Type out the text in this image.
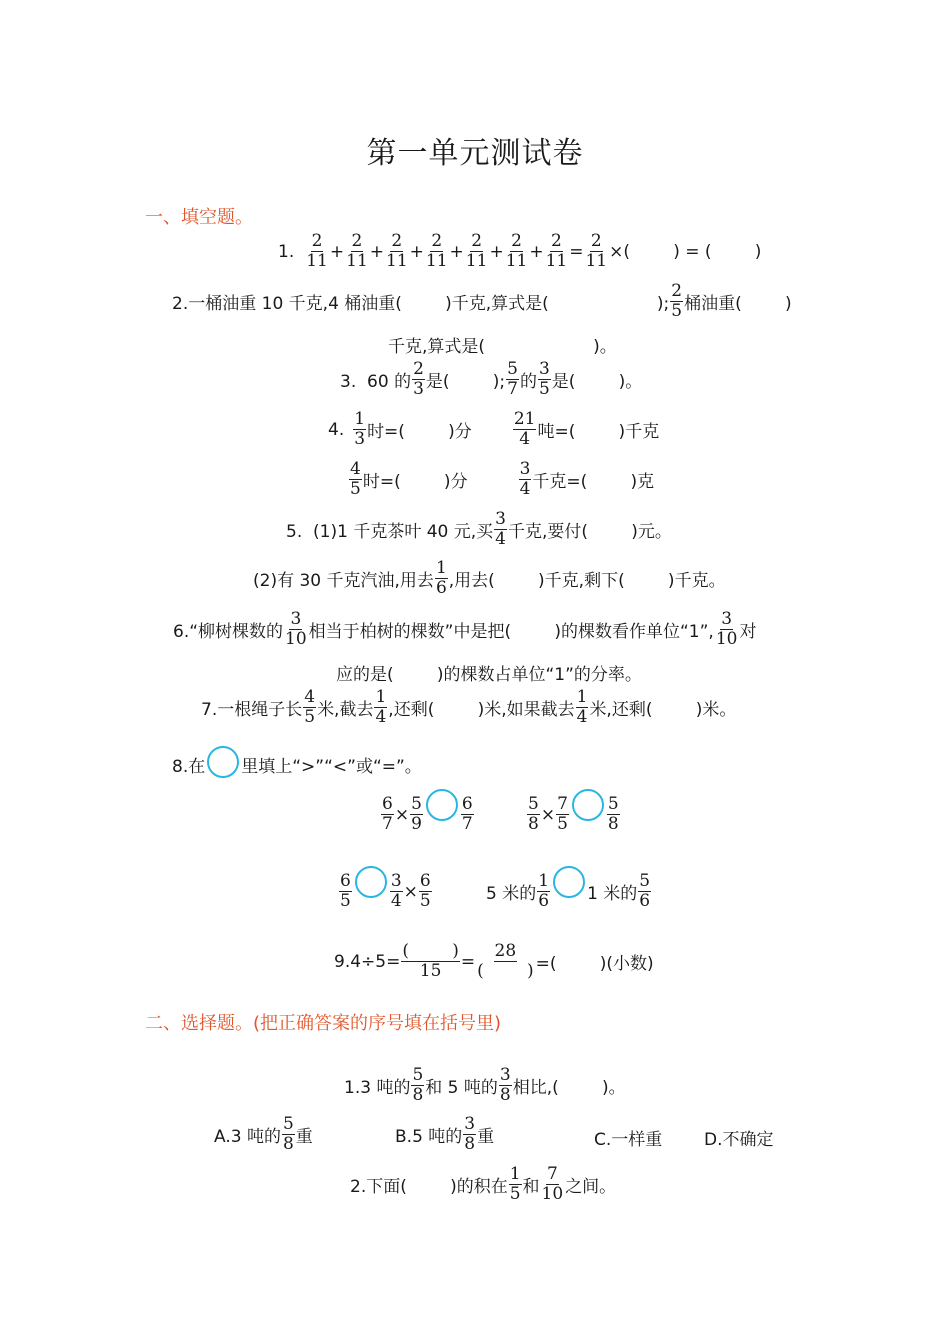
第一单元测试卷
一、填空题。
1. $\frac{2}{11} + \frac{2}{11} + \frac{2}{11} + \frac{2}{11} + \frac{2}{11} + \frac{2}{11} + \frac{2}{11} = \frac{2}{11}$ ×(        ) = (        )
2.一桶油重 10 千克,4 桶油重(        )千克,算式是(                    ); $\frac{2}{5}$ 桶油重(        )
千克,算式是(                    )。
3.  60 的 $\frac{2}{3}$ 是(        ); $\frac{5}{7}$ 的 $\frac{3}{5}$ 是(        )。
4. $\frac{1}{3}$ 时=(        )分 $\frac{21}{4}$ 吨=(        )千克
$\frac{4}{5}$ 时=(        )分	$\frac{3}{4}$ 千克=(        )克
5.  (1)1 千克茶叶 40 元,买 $\frac{3}{4}$ 千克,要付(        )元。
(2)有 30 千克汽油,用去 $\frac{1}{6}$ ,用去(        )千克,剩下(        )千克。
6.“柳树棵数的 $\frac{3}{10}$ 相当于柏树的棵数”中是把(        )的棵数看作单位“1”, $\frac{3}{10}$ 对
应的是(        )的棵数占单位“1”的分率。
7.一根绳子长 $\frac{4}{5}$ 米,截去 $\frac{1}{4}$ ,还剩(        )米,如果截去 $\frac{1}{4}$ 米,还剩(        )米。
8.在 里填上“>”“<”或“=”。
$\frac{6}{7} \times \frac{5}{9} \frac{6}{7}$	$\frac{5}{8} \times \frac{7}{5} \frac{5}{8}$
$\frac{6}{5} \frac{3}{4} \times \frac{6}{5}$	5 米的 $\frac{1}{6} 1$ 米的 $\frac{5}{6}$
$9.4\div 5= \frac{( )}{15} = \frac{28}{( )}$ =(        )(小数)
二、选择题。(把正确答案的序号填在括号里)
1.3 吨的 $\frac{5}{8}$ 和 5 吨的 $\frac{3}{8}$ 相比,(        )。
A.3 吨的 $\frac{5}{8}$ 重	B.5 吨的 $\frac{3}{8}$ 重	C.一样重 D.不确定
2.下面(        )的积在 $\frac{1}{5}$ 和 $\frac{7}{10}$ 之间。
